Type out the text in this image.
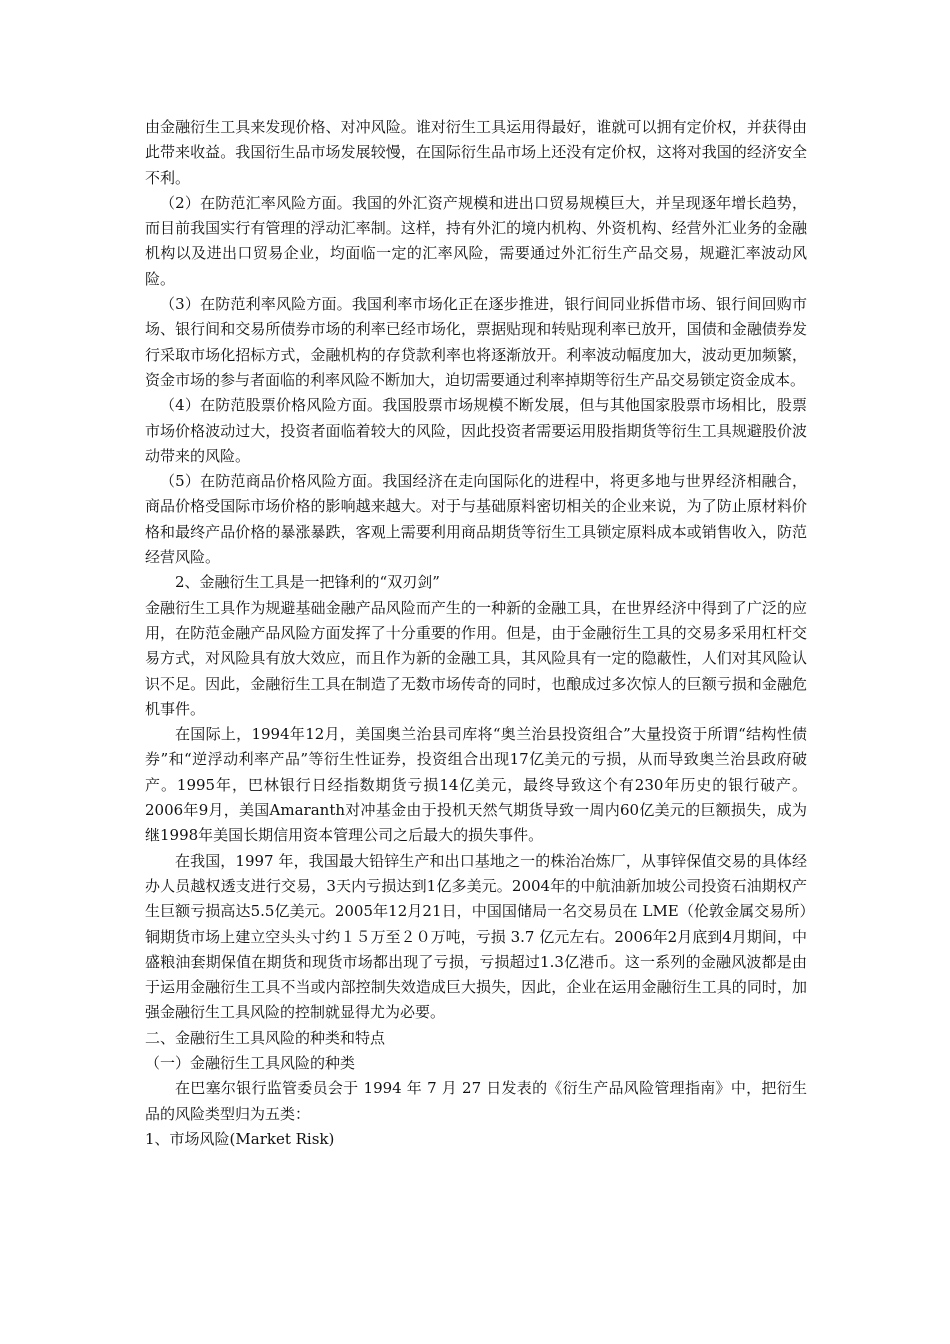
由金融衍生工具来发现价格、对冲风险。谁对衍生工具运用得最好，谁就可以拥有定价权，并获得由此带来收益。我国衍生品市场发展较慢，在国际衍生品市场上还没有定价权，这将对我国的经济安全不利。

（2）在防范汇率风险方面。我国的外汇资产规模和进出口贸易规模巨大，并呈现逐年增长趋势，而目前我国实行有管理的浮动汇率制。这样，持有外汇的境内机构、外资机构、经营外汇业务的金融机构以及进出口贸易企业，均面临一定的汇率风险，需要通过外汇衍生产品交易，规避汇率波动风险。

（3）在防范利率风险方面。我国利率市场化正在逐步推进，银行间同业拆借市场、银行间回购市场、银行间和交易所债券市场的利率已经市场化，票据贴现和转贴现利率已放开，国债和金融债券发行采取市场化招标方式，金融机构的存贷款利率也将逐渐放开。利率波动幅度加大，波动更加频繁，资金市场的参与者面临的利率风险不断加大，迫切需要通过利率掉期等衍生产品交易锁定资金成本。

（4）在防范股票价格风险方面。我国股票市场规模不断发展，但与其他国家股票市场相比，股票市场价格波动过大，投资者面临着较大的风险，因此投资者需要运用股指期货等衍生工具规避股价波动带来的风险。

（5）在防范商品价格风险方面。我国经济在走向国际化的进程中，将更多地与世界经济相融合，商品价格受国际市场价格的影响越来越大。对于与基础原料密切相关的企业来说，为了防止原材料价格和最终产品价格的暴涨暴跌，客观上需要利用商品期货等衍生工具锁定原料成本或销售收入，防范经营风险。

2、金融衍生工具是一把锋利的“双刃剑”

金融衍生工具作为规避基础金融产品风险而产生的一种新的金融工具，在世界经济中得到了广泛的应用，在防范金融产品风险方面发挥了十分重要的作用。但是，由于金融衍生工具的交易多采用杠杆交易方式，对风险具有放大效应，而且作为新的金融工具，其风险具有一定的隐蔽性，人们对其风险认识不足。因此，金融衍生工具在制造了无数市场传奇的同时，也酿成过多次惊人的巨额亏损和金融危机事件。

在国际上，1994年12月，美国奥兰治县司库将“奥兰治县投资组合”大量投资于所谓“结构性债券”和“逆浮动利率产品”等衍生性证券，投资组合出现17亿美元的亏损，从而导致奥兰治县政府破产。1995年，巴林银行日经指数期货亏损14亿美元，最终导致这个有230年历史的银行破产。2006年9月，美国Amaranth对冲基金由于投机天然气期货导致一周内60亿美元的巨额损失，成为继1998年美国长期信用资本管理公司之后最大的损失事件。

在我国，1997 年，我国最大铅锌生产和出口基地之一的株治冶炼厂，从事锌保值交易的具体经办人员越权透支进行交易，3天内亏损达到1亿多美元。2004年的中航油新加坡公司投资石油期权产生巨额亏损高达5.5亿美元。2005年12月21日，中国国储局一名交易员在 LME（伦敦金属交易所）铜期货市场上建立空头头寸约１５万至２０万吨，亏损 3.7 亿元左右。2006年2月底到4月期间，中盛粮油套期保值在期货和现货市场都出现了亏损，亏损超过1.3亿港币。这一系列的金融风波都是由于运用金融衍生工具不当或内部控制失效造成巨大损失，因此，企业在运用金融衍生工具的同时，加强金融衍生工具风险的控制就显得尤为必要。

二、金融衍生工具风险的种类和特点

（一）金融衍生工具风险的种类

在巴塞尔银行监管委员会于 1994 年 7 月 27 日发表的《衍生产品风险管理指南》中，把衍生品的风险类型归为五类：

1、市场风险(Market Risk)
